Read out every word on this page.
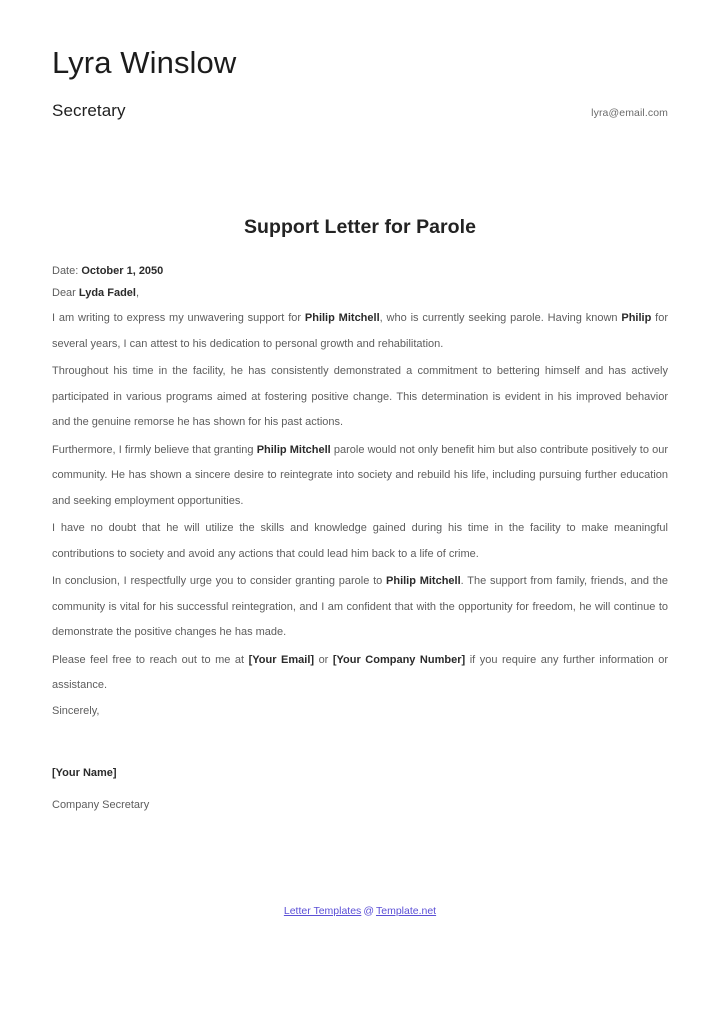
Lyra Winslow
Secretary	lyra@email.com
Support Letter for Parole

Date: October 1, 2050

Dear Lyda Fadel,

I am writing to express my unwavering support for Philip Mitchell, who is currently seeking parole. Having known Philip for several years, I can attest to his dedication to personal growth and rehabilitation.

Throughout his time in the facility, he has consistently demonstrated a commitment to bettering himself and has actively participated in various programs aimed at fostering positive change. This determination is evident in his improved behavior and the genuine remorse he has shown for his past actions.

Furthermore, I firmly believe that granting Philip Mitchell parole would not only benefit him but also contribute positively to our community. He has shown a sincere desire to reintegrate into society and rebuild his life, including pursuing further education and seeking employment opportunities.

I have no doubt that he will utilize the skills and knowledge gained during his time in the facility to make meaningful contributions to society and avoid any actions that could lead him back to a life of crime.

In conclusion, I respectfully urge you to consider granting parole to Philip Mitchell. The support from family, friends, and the community is vital for his successful reintegration, and I am confident that with the opportunity for freedom, he will continue to demonstrate the positive changes he has made.

Please feel free to reach out to me at [Your Email] or [Your Company Number] if you require any further information or assistance.

Sincerely,

[Your Name]

Company Secretary

Letter Templates @ Template.net
